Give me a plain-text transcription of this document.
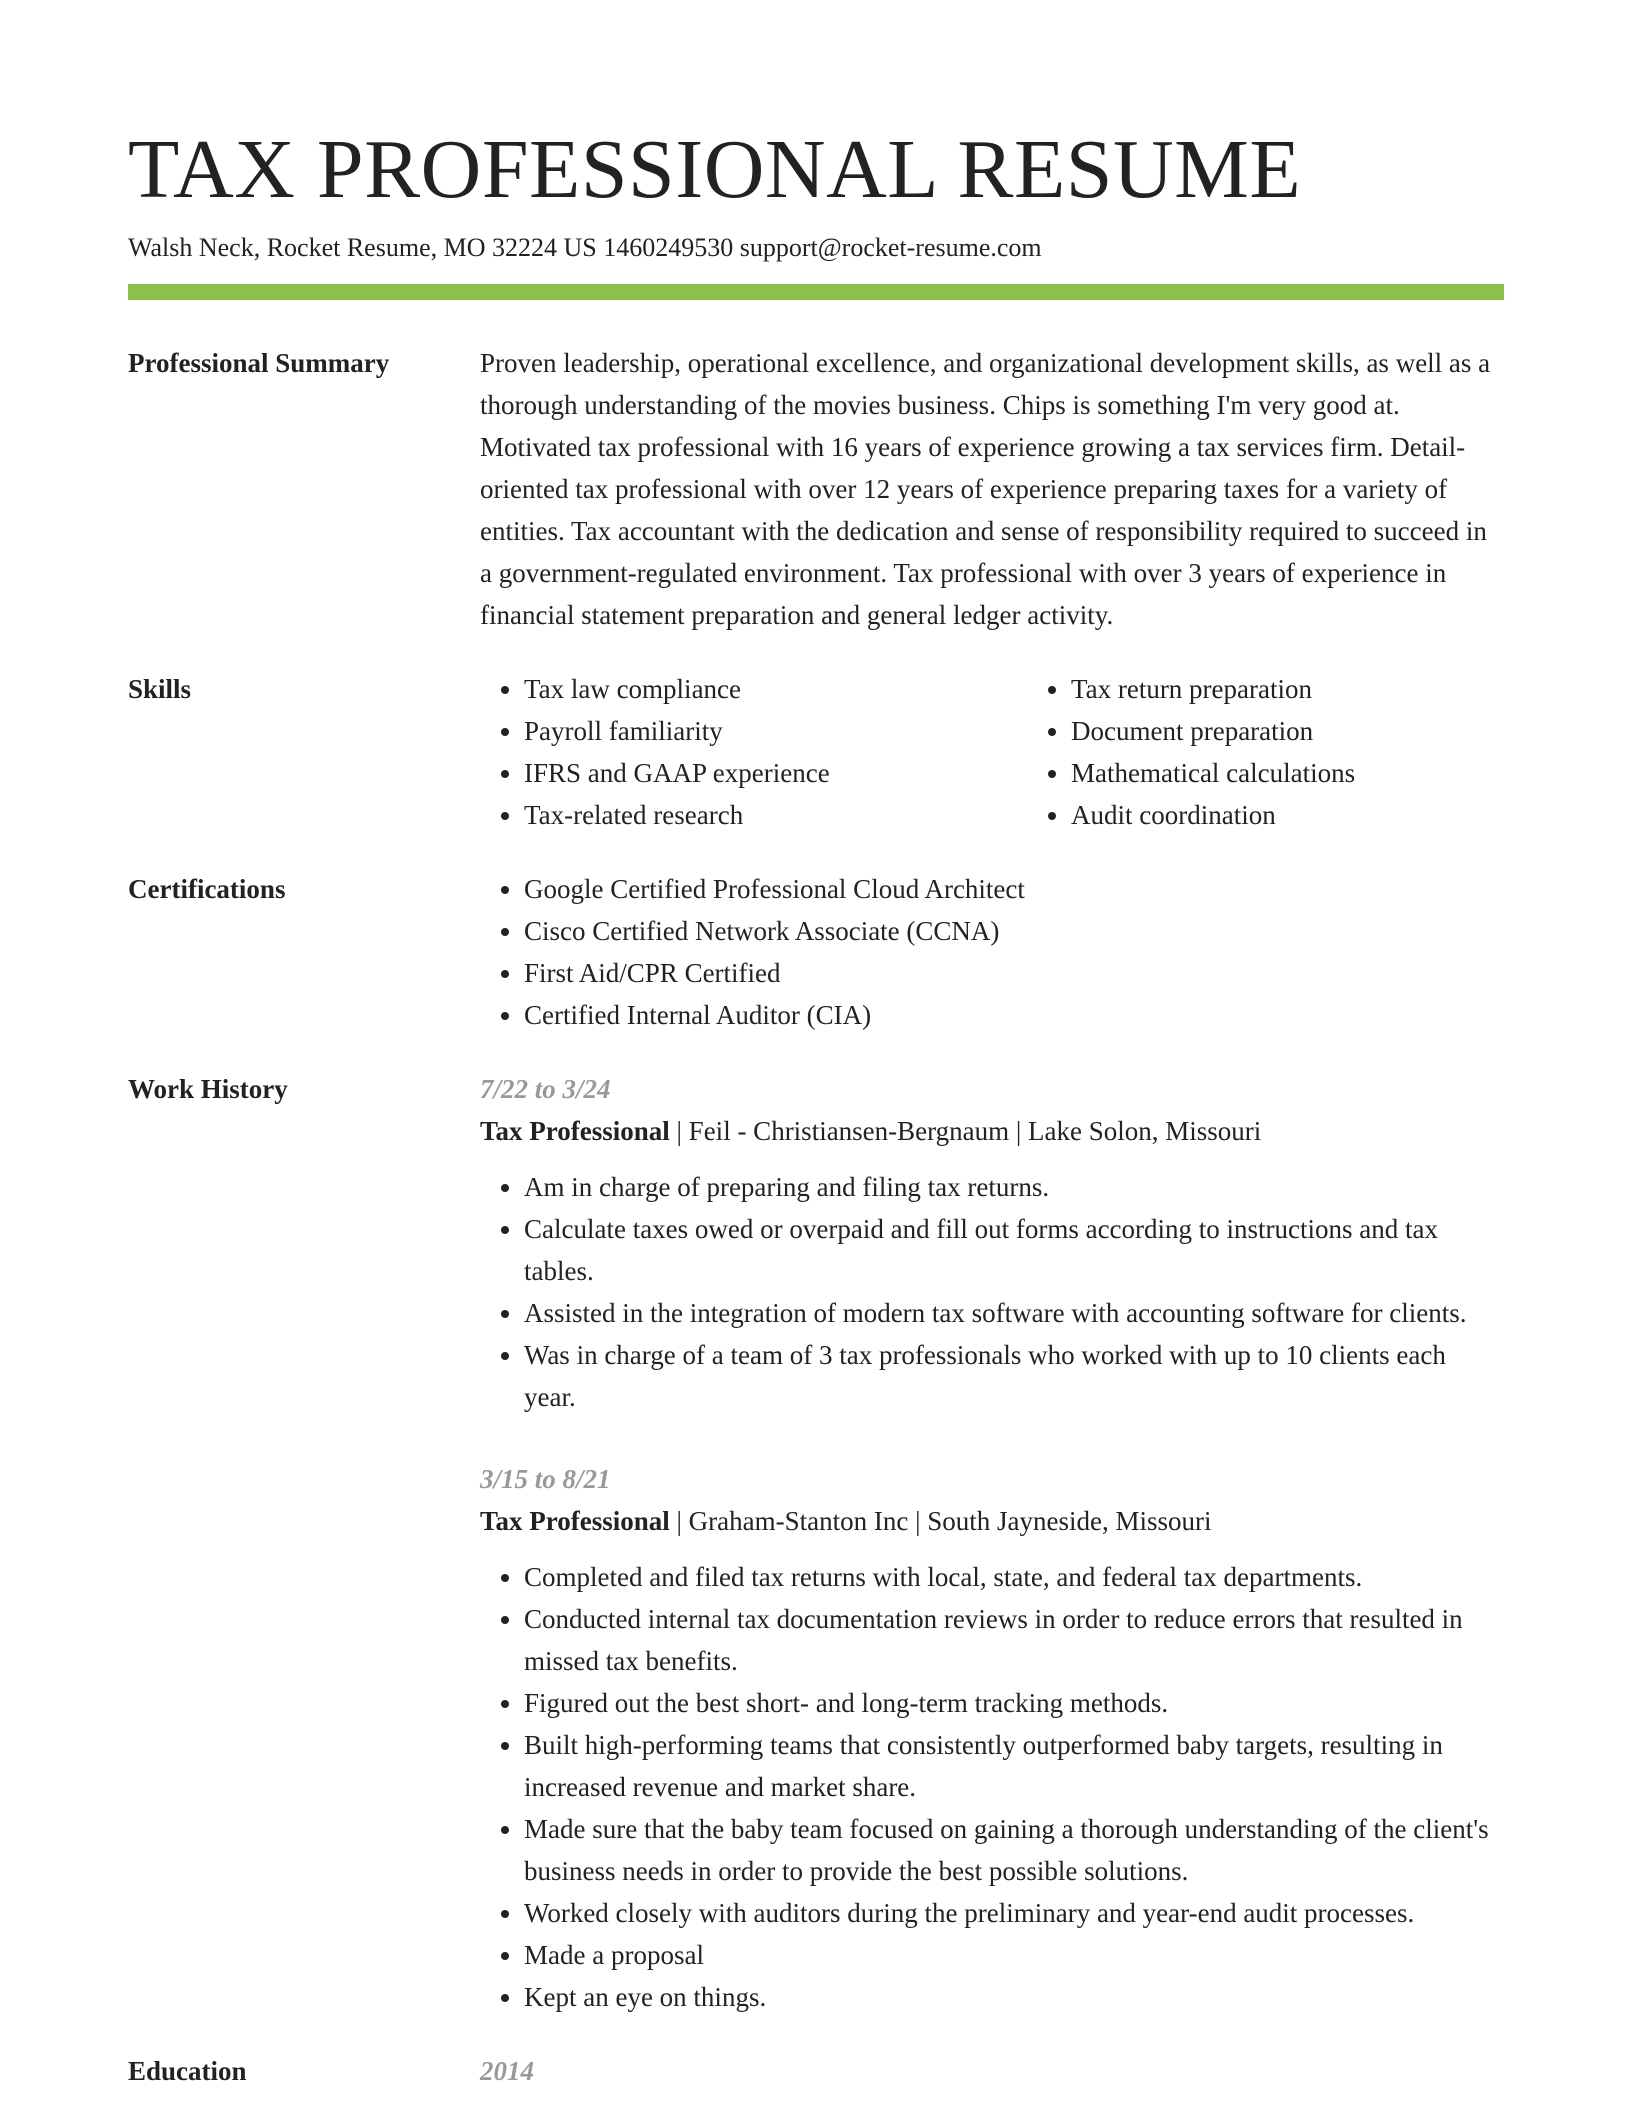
TAX PROFESSIONAL RESUME
Walsh Neck, Rocket Resume, MO 32224 US 1460249530 support@rocket-resume.com
Professional Summary	Proven leadership, operational excellence, and organizational development skills, as well as a thorough understanding of the movies business. Chips is something I'm very good at. Motivated tax professional with 16 years of experience growing a tax services firm. Detail-oriented tax professional with over 12 years of experience preparing taxes for a variety of entities. Tax accountant with the dedication and sense of responsibility required to succeed in a government-regulated environment. Tax professional with over 3 years of experience in financial statement preparation and general ledger activity.

Skills	• Tax law compliance
• Payroll familiarity
• IFRS and GAAP experience
• Tax-related research
• Tax return preparation
• Document preparation
• Mathematical calculations
• Audit coordination
Certifications	• Google Certified Professional Cloud Architect
• Cisco Certified Network Associate (CCNA)
• First Aid/CPR Certified
• Certified Internal Auditor (CIA)
Work History	7/22 to 3/24
Tax Professional | Feil - Christiansen-Bergnaum | Lake Solon, Missouri
• Am in charge of preparing and filing tax returns.
• Calculate taxes owed or overpaid and fill out forms according to instructions and tax tables.
• Assisted in the integration of modern tax software with accounting software for clients.
• Was in charge of a team of 3 tax professionals who worked with up to 10 clients each year.
3/15 to 8/21
Tax Professional | Graham-Stanton Inc | South Jayneside, Missouri
• Completed and filed tax returns with local, state, and federal tax departments.
• Conducted internal tax documentation reviews in order to reduce errors that resulted in missed tax benefits.
• Figured out the best short- and long-term tracking methods.
• Built high-performing teams that consistently outperformed baby targets, resulting in increased revenue and market share.
• Made sure that the baby team focused on gaining a thorough understanding of the client's business needs in order to provide the best possible solutions.
• Worked closely with auditors during the preliminary and year-end audit processes.
• Made a proposal
• Kept an eye on things.
Education	2014
